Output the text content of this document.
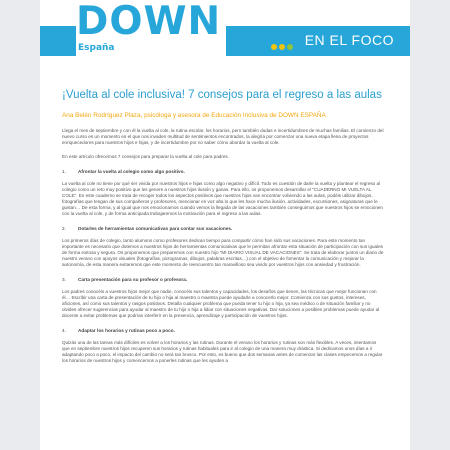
EN EL FOCO
DOWN
España
¡Vuelta al cole inclusiva! 7 consejos para el regreso a las aulas
Ana Belén Rodríguez Plaza, psicóloga y asesora de Educación Inclusiva de DOWN ESPAÑA

Llega el mes de septiembre y con él la vuelta al cole, la rutina escolar, los horarios, pero también dudas e incertidumbres de muchas familias. El comienzo del nuevo curso es un momento en el que nos invaden multitud de sentimientos encontrados, la alegría por comenzar una nueva etapa llena de proyectos enriquecedores para nuestros hijos e hijas, y de incertidumbre por no saber cómo abordar la vuelta al cole.

En este artículo ofrecemos 7 consejos para preparar la vuelta al cole para padres.

1.	Afrontar la vuelta al colegio como algo positivo.

La vuelta al cole no tiene por qué ser vivida por nuestros hijos e hijas como algo negativo y difícil. Todo es cuestión de darle la vuelta y plantear el regreso al colegio como un reto muy positivo que les genere a nuestros hijos ilusión y ganas. Para ello, os proponemos desarrollar el "CUADERNO MI VUELTA AL COLE". En este cuaderno se trata de recoger todos los aspectos positivos que nuestros hijos van encontrar volviendo a las aulas, podéis utilizar dibujos, fotografías que tengan de sus compañeros y profesores, mencionar en voz alta lo que les hace mucha ilusión, actividades, excursiones, asignaturas que le gustan… De esta forma, y al igual que nos emocionamos cuando vemos la llegada de las vacaciones también conseguimos que nuestros hijos se emocionen con la vuelta al cole, y de forma anticipada trabajaremos la motivación para el regreso a las aulas.

2.	Dotarles de herramientas comunicativas para contar sus vacaciones.

Los primeros días de colegio, tanto alumnos como profesores dedican tiempo para compartir cómo han sido sus vacaciones. Para este momento tan importante es necesario que dotemos a nuestros hijos de herramientas comunicativas que le permitan afrontar esta situación de participación con sus iguales de forma exitosa y segura. Os proponemos que preparemos con nuestro hijo "MI DIARIO VISUAL DE VACACIONES". Se trata de elaborar juntos un diario de nuestro verano con apoyos visuales (fotografías, pictogramas, dibujos, palabras escritas…) con el objetivo de fomentar la comunicación y mejorar la autonomía, de esta manera evitaremos que este momento de reencuentro tan maravilloso sea vivido por vuestros hijos con ansiedad y frustración.

3.	Carta presentación para su profesor o profesora.

Los padres conocéis a vuestros hijos mejor que nadie, conocéis sus talentos y capacidades, los desafíos que tienen, las técnicas que mejor funcionan con él… Escribir una carta de presentación de tu hijo o hija al maestro o maestra puede ayudarle a conocerlo mejor. Comienza con sus gustos, intereses, aficiones, así como sus talentos y rasgos positivos. Detalla cualquier problema que pueda tener tu hijo o hija, ya sea médico o de situación familiar y no olvides ofrecer sugerencias para ayudar al maestro de tu hijo o hija a lidiar con situaciones negativas. Dar soluciones a posibles problemas puede ayudar al docente a evitar problemas que podrían interferir en la presencia, aprendizaje y participación de vuestros hijos.

4.	Adaptar los horarios y rutinas poco a poco.

Quizás una de las tareas más difíciles es volver a los horarios y las rutinas. Durante el verano los horarios y rutinas son más flexibles. A veces, intentamos que en septiembre nuestros hijos recuperen sus horarios y rutinas habituales para ir al colegio de una manera muy drástica. Si dedicamos unos días a ir adaptando poco a poco, el impacto del cambio no será tan brusco. Por esto, es bueno que dos semanas antes de comenzar las clases empecemos a regular los horarios de nuestros hijos y comencemos a ponerles rutinas que les ayuden a
